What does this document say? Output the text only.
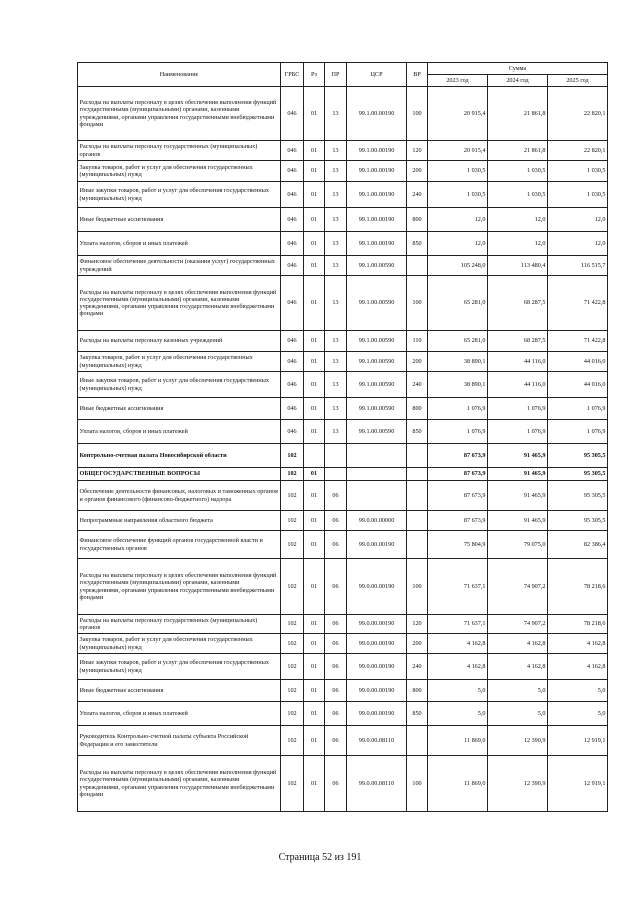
Наименование	ГРБС	Рз	ПР	ЦСР	ВР	Сумма		
						2023 год	2024 год	2025 год
Расходы на выплаты персоналу в целях обеспечения выполнения функций государственными (муниципальными) органами, казенными учреждениями, органами управления государственными внебюджетными фондами	046	01	13	99.1.00.00190	100	20 915,4	21 861,8	22 820,1
Расходы на выплаты персоналу государственных (муниципальных) органов	046	01	13	99.1.00.00190	120	20 915,4	21 861,8	22 820,1
Закупка товаров, работ и услуг для обеспечения государственных (муниципальных) нужд	046	01	13	99.1.00.00190	200	1 030,5	1 030,5	1 030,5
Иные закупки товаров, работ и услуг для обеспечения государственных (муниципальных) нужд	046	01	13	99.1.00.00190	240	1 030,5	1 030,5	1 030,5
Иные бюджетные ассигнования	046	01	13	99.1.00.00190	800	12,0	12,0	12,0
Уплата налогов, сборов и иных платежей	046	01	13	99.1.00.00190	850	12,0	12,0	12,0
Финансовое обеспечение деятельности (оказания услуг) государственных учреждений	046	01	13	99.1.00.00590		105 248,0	113 480,4	116 515,7
Расходы на выплаты персоналу в целях обеспечения выполнения функций государственными (муниципальными) органами, казенными учреждениями, органами управления государственными внебюджетными фондами	046	01	13	99.1.00.00590	100	65 281,0	68 287,5	71 422,8
Расходы на выплаты персоналу казенных учреждений	046	01	13	99.1.00.00590	110	65 281,0	68 287,5	71 422,8
Закупка товаров, работ и услуг для обеспечения государственных (муниципальных) нужд	046	01	13	99.1.00.00590	200	38 890,1	44 116,0	44 016,0
Иные закупки товаров, работ и услуг для обеспечения государственных (муниципальных) нужд	046	01	13	99.1.00.00590	240	38 890,1	44 116,0	44 016,0
Иные бюджетные ассигнования	046	01	13	99.1.00.00590	800	1 076,9	1 076,9	1 076,9
Уплата налогов, сборов и иных платежей	046	01	13	99.1.00.00590	850	1 076,9	1 076,9	1 076,9
Контрольно-счетная палата Новосибирской области	102					87 673,9	91 465,9	95 305,5
ОБЩЕГОСУДАРСТВЕННЫЕ ВОПРОСЫ	102	01				87 673,9	91 465,9	95 305,5
Обеспечение деятельности финансовых, налоговых и таможенных органов и органов финансового (финансово-бюджетного) надзора	102	01	06			87 673,9	91 465,9	95 305,5
Непрограммные направления областного бюджета	102	01	06	99.0.00.00000		87 673,9	91 465,9	95 305,5
Финансовое обеспечение функций органов государственной власти и государственных органов	102	01	06	99.0.00.00190		75 804,9	79 075,0	82 386,4
Расходы на выплаты персоналу в целях обеспечения выполнения функций государственными (муниципальными) органами, казенными учреждениями, органами управления государственными внебюджетными фондами	102	01	06	99.0.00.00190	100	71 637,1	74 907,2	78 218,6
Расходы на выплаты персоналу государственных (муниципальных) органов	102	01	06	99.0.00.00190	120	71 637,1	74 907,2	78 218,6
Закупка товаров, работ и услуг для обеспечения государственных (муниципальных) нужд	102	01	06	99.0.00.00190	200	4 162,8	4 162,8	4 162,8
Иные закупки товаров, работ и услуг для обеспечения государственных (муниципальных) нужд	102	01	06	99.0.00.00190	240	4 162,8	4 162,8	4 162,8
Иные бюджетные ассигнования	102	01	06	99.0.00.00190	800	5,0	5,0	5,0
Уплата налогов, сборов и иных платежей	102	01	06	99.0.00.00190	850	5,0	5,0	5,0
Руководитель Контрольно-счетной палаты субъекта Российской Федерации и его заместители	102	01	06	99.0.00.08110		11 869,0	12 390,9	12 919,1
Расходы на выплаты персоналу в целях обеспечения выполнения функций государственными (муниципальными) органами, казенными учреждениями, органами управления государственными внебюджетными фондами	102	01	06	99.0.00.08110	100	11 869,0	12 390,9	12 919,1
Страница 52 из 191
